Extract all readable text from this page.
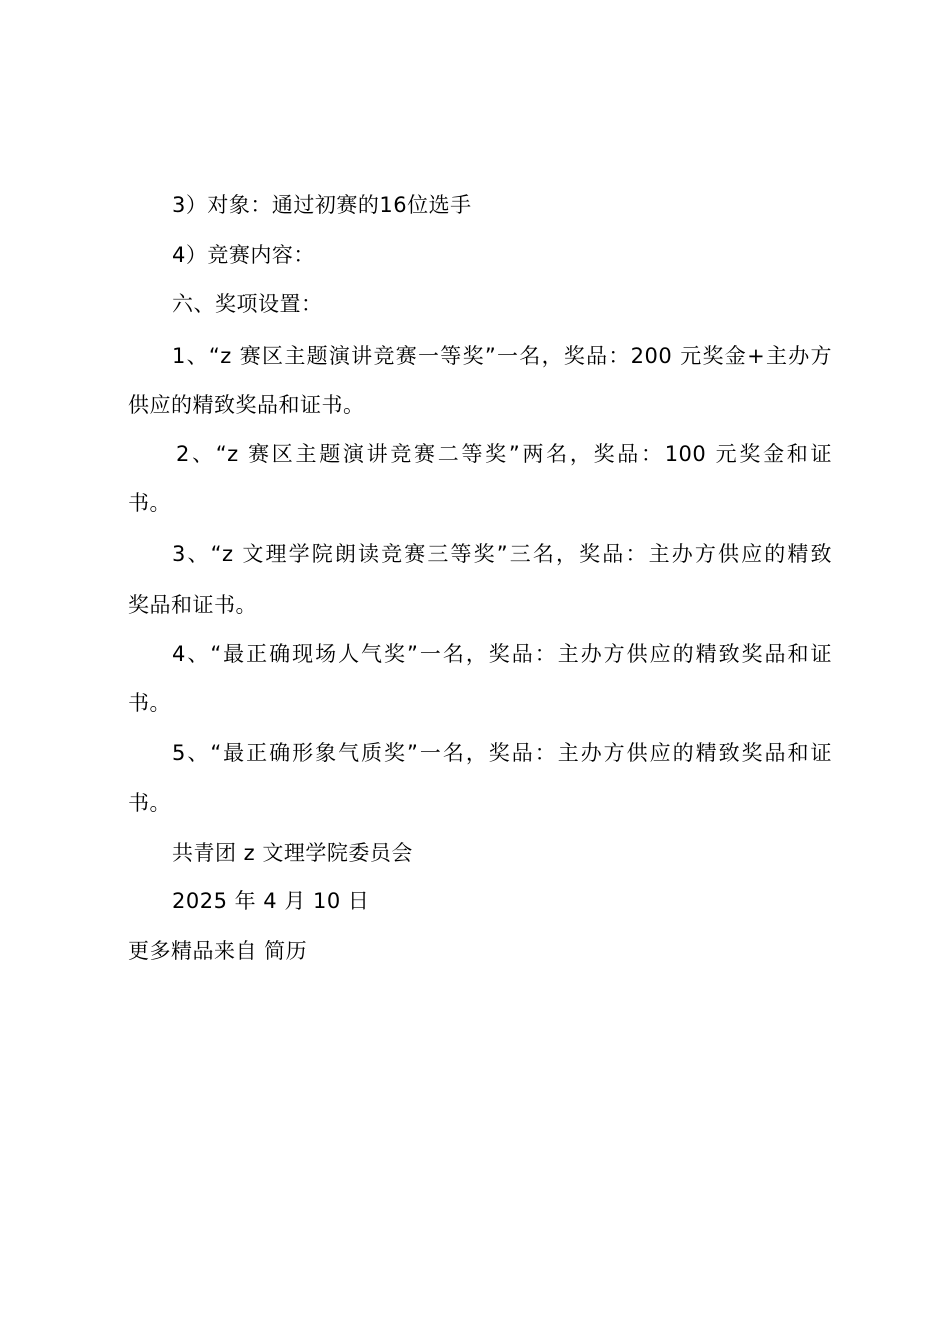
3）对象：通过初赛的16位选手
4）竞赛内容：
六、奖项设置：
1、“z 赛区主题演讲竞赛一等奖”一名，奖品：200 元奖金+主办方
供应的精致奖品和证书。
2、“z 赛区主题演讲竞赛二等奖”两名，奖品：100 元奖金和证
书。
3、“z 文理学院朗读竞赛三等奖”三名，奖品：主办方供应的精致
奖品和证书。
4、“最正确现场人气奖”一名，奖品：主办方供应的精致奖品和证
书。
5、“最正确形象气质奖”一名，奖品：主办方供应的精致奖品和证
书。
共青团 z 文理学院委员会
2025 年 4 月 10 日
更多精品来自 简历
